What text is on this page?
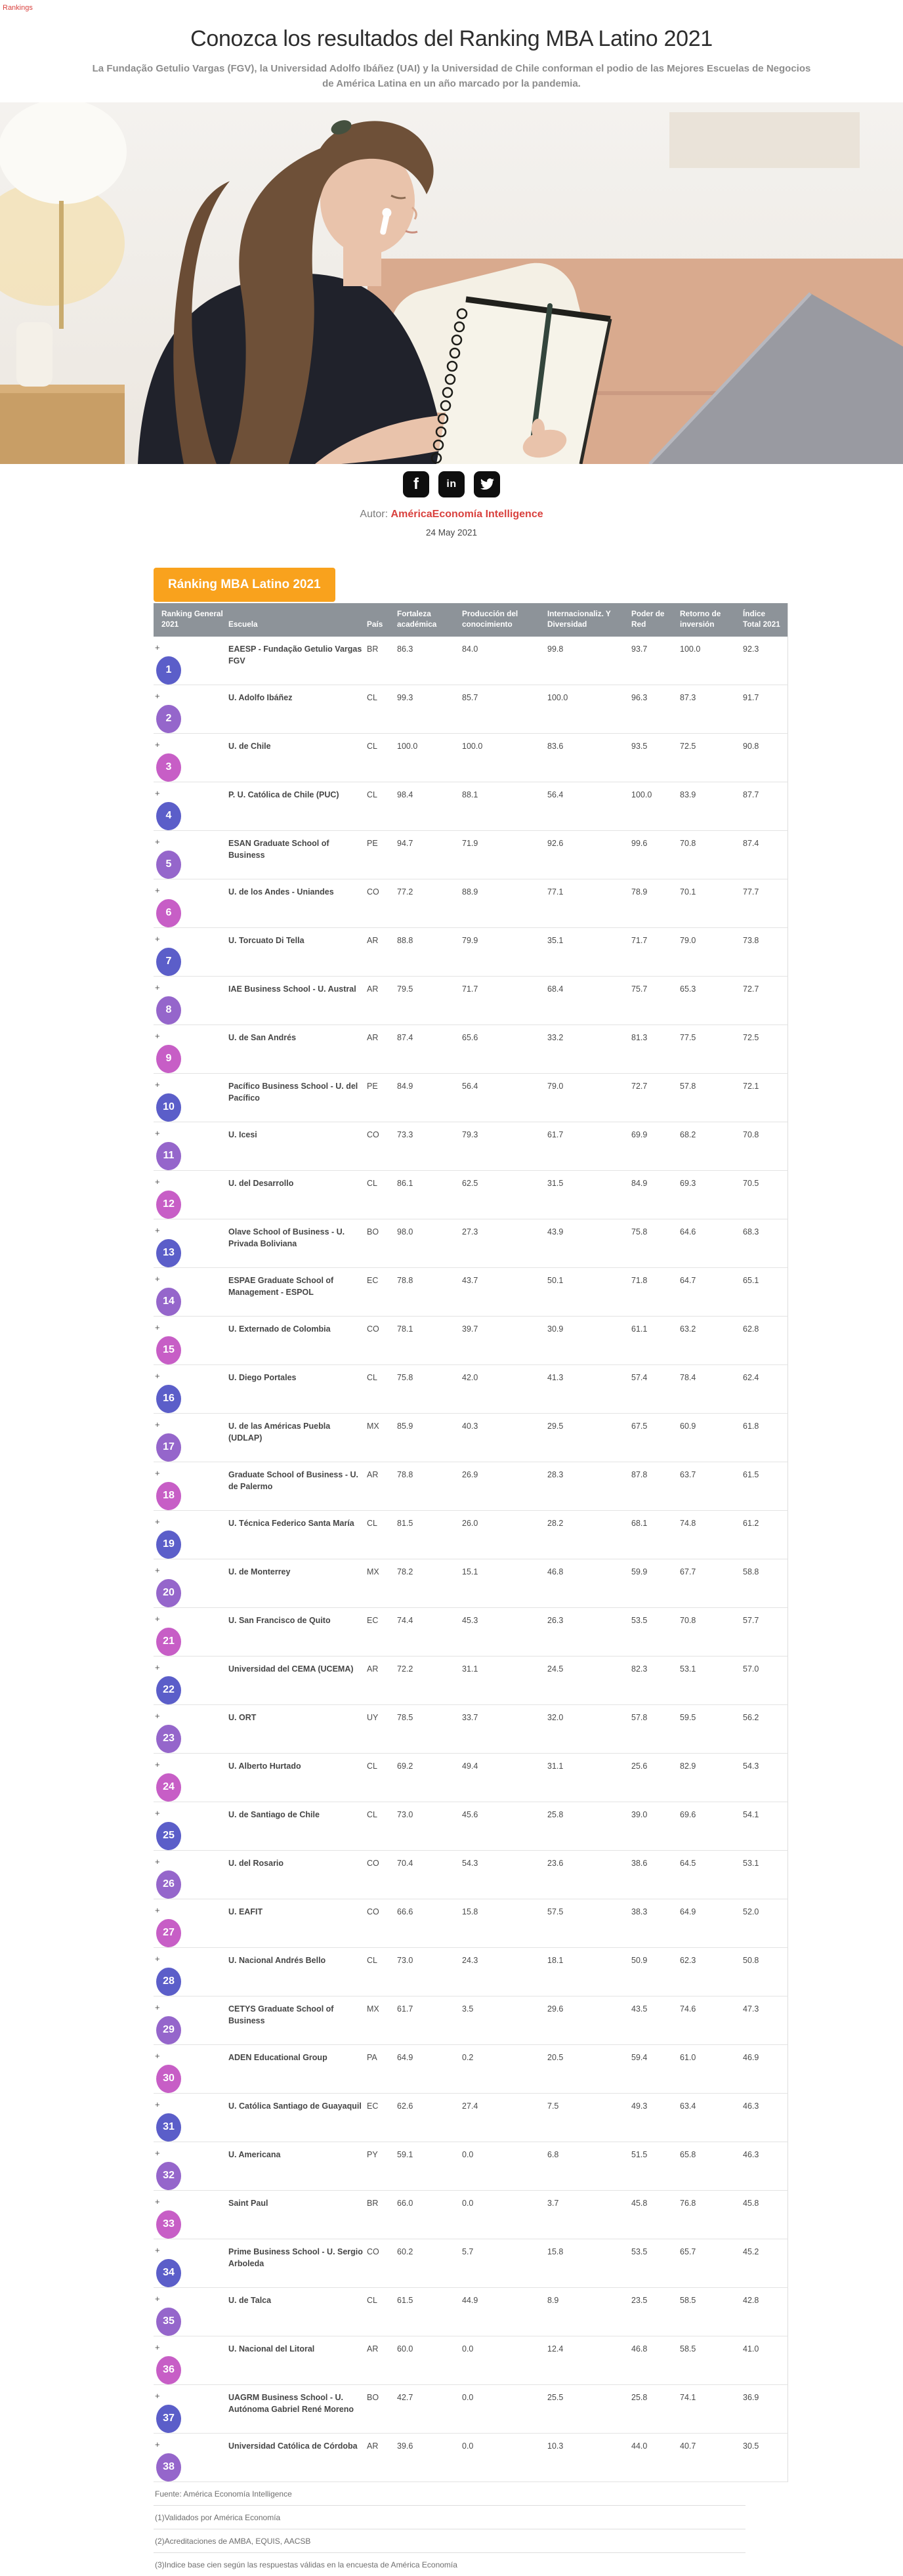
Rankings
Conozca los resultados del Ranking MBA Latino 2021

La Fundação Getulio Vargas (FGV), la Universidad Adolfo Ibáñez (UAI) y la Universidad de Chile conforman el podio de las Mejores Escuelas de Negocios de América Latina en un año marcado por la pandemia.

f	in

Autor: AméricaEconomía Intelligence

24 May 2021

Ránking MBA Latino 2021
Ranking General 2021	Escuela	País	Fortaleza académica	Producción del conocimiento	Internacionaliz. Y Diversidad	Poder de Red	Retorno de inversión	Índice Total 2021

+
1	EAESP - Fundação Getulio Vargas FGV	BR	86.3	84.0	99.8	93.7	100.0	92.3

+
2	U. Adolfo Ibáñez	CL	99.3	85.7	100.0	96.3	87.3	91.7

+
3	U. de Chile	CL	100.0	100.0	83.6	93.5	72.5	90.8

+
4	P. U. Católica de Chile (PUC)	CL	98.4	88.1	56.4	100.0	83.9	87.7

+
5	ESAN Graduate School of Business	PE	94.7	71.9	92.6	99.6	70.8	87.4

+
6	U. de los Andes - Uniandes	CO	77.2	88.9	77.1	78.9	70.1	77.7

+
7	U. Torcuato Di Tella	AR	88.8	79.9	35.1	71.7	79.0	73.8

+
8	IAE Business School - U. Austral	AR	79.5	71.7	68.4	75.7	65.3	72.7

+
9	U. de San Andrés	AR	87.4	65.6	33.2	81.3	77.5	72.5

+
10	Pacífico Business School - U. del Pacífico	PE	84.9	56.4	79.0	72.7	57.8	72.1

+
11	U. Icesi	CO	73.3	79.3	61.7	69.9	68.2	70.8

+
12	U. del Desarrollo	CL	86.1	62.5	31.5	84.9	69.3	70.5

+
13	Olave School of Business - U. Privada Boliviana	BO	98.0	27.3	43.9	75.8	64.6	68.3

+
14	ESPAE Graduate School of Management - ESPOL	EC	78.8	43.7	50.1	71.8	64.7	65.1

+
15	U. Externado de Colombia	CO	78.1	39.7	30.9	61.1	63.2	62.8

+
16	U. Diego Portales	CL	75.8	42.0	41.3	57.4	78.4	62.4

+
17	U. de las Américas Puebla (UDLAP)	MX	85.9	40.3	29.5	67.5	60.9	61.8

+
18	Graduate School of Business - U. de Palermo	AR	78.8	26.9	28.3	87.8	63.7	61.5

+
19	U. Técnica Federico Santa María	CL	81.5	26.0	28.2	68.1	74.8	61.2

+
20	U. de Monterrey	MX	78.2	15.1	46.8	59.9	67.7	58.8

+
21	U. San Francisco de Quito	EC	74.4	45.3	26.3	53.5	70.8	57.7

+
22	Universidad del CEMA (UCEMA)	AR	72.2	31.1	24.5	82.3	53.1	57.0

+
23	U. ORT	UY	78.5	33.7	32.0	57.8	59.5	56.2

+
24	U. Alberto Hurtado	CL	69.2	49.4	31.1	25.6	82.9	54.3

+
25	U. de Santiago de Chile	CL	73.0	45.6	25.8	39.0	69.6	54.1

+
26	U. del Rosario	CO	70.4	54.3	23.6	38.6	64.5	53.1

+
27	U. EAFIT	CO	66.6	15.8	57.5	38.3	64.9	52.0

+
28	U. Nacional Andrés Bello	CL	73.0	24.3	18.1	50.9	62.3	50.8

+
29	CETYS Graduate School of Business	MX	61.7	3.5	29.6	43.5	74.6	47.3

+
30	ADEN Educational Group	PA	64.9	0.2	20.5	59.4	61.0	46.9

+
31	U. Católica Santiago de Guayaquil	EC	62.6	27.4	7.5	49.3	63.4	46.3

+
32	U. Americana	PY	59.1	0.0	6.8	51.5	65.8	46.3

+
33	Saint Paul	BR	66.0	0.0	3.7	45.8	76.8	45.8

+
34	Prime Business School - U. Sergio Arboleda	CO	60.2	5.7	15.8	53.5	65.7	45.2

+
35	U. de Talca	CL	61.5	44.9	8.9	23.5	58.5	42.8

+
36	U. Nacional del Litoral	AR	60.0	0.0	12.4	46.8	58.5	41.0

+
37	UAGRM Business School - U. Autónoma Gabriel René Moreno	BO	42.7	0.0	25.5	25.8	74.1	36.9

+
38	Universidad Católica de Córdoba	AR	39.6	0.0	10.3	44.0	40.7	30.5
Fuente: América Economía Intelligence
(1)Validados por América Economía
(2)Acreditaciones de AMBA, EQUIS, AACSB
(3)Indice base cien según las respuestas válidas en la encuesta de América Economía
